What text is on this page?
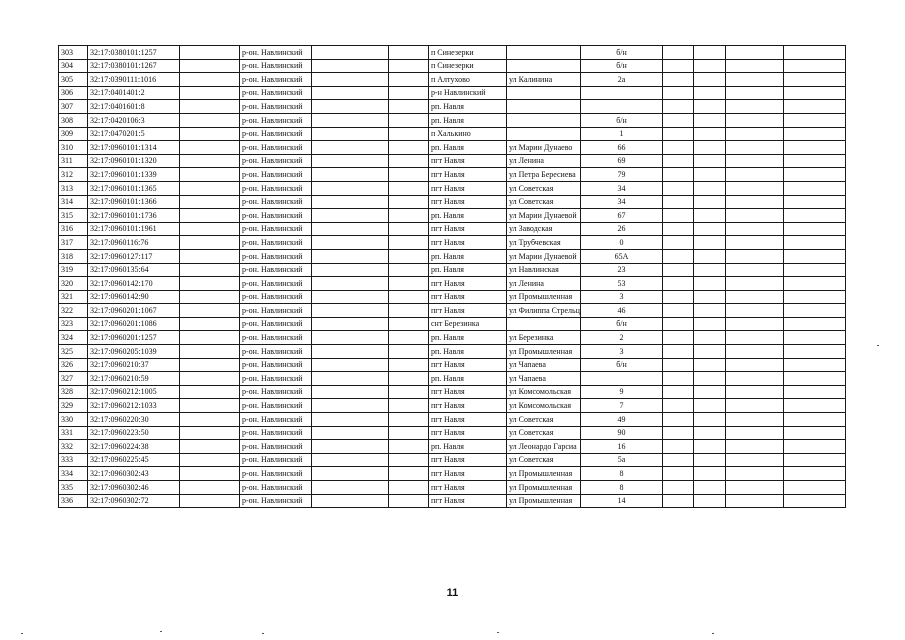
303	32:17:0380101:1257		р-он. Навлинский			п Синезерки		б/н				
304	32:17:0380101:1267		р-он. Навлинский			п Синезерки		б/н				
305	32:17:0390111:1016		р-он. Навлинский			п Алтухово	ул Калинина	2а				
306	32:17:0401401:2		р-он. Навлинский			р-н Навлинский						
307	32:17:0401601:8		р-он. Навлинский			рп. Навля						
308	32:17:0420106:3		р-он. Навлинский			рп. Навля		б/н				
309	32:17:0470201:5		р-он. Навлинский			п Халькино		1				
310	32:17:0960101:1314		р-он. Навлинский			рп. Навля	ул Марии Дунаево	66				
311	32:17:0960101:1320		р-он. Навлинский			пгт Навля	ул Ленина	69				
312	32:17:0960101:1339		р-он. Навлинский			пгт Навля	ул Петра Бересиева	79				
313	32:17:0960101:1365		р-он. Навлинский			пгт Навля	ул Советская	34				
314	32:17:0960101:1366		р-он. Навлинский			пгт Навля	ул Советская	34				
315	32:17:0960101:1736		р-он. Навлинский			рп. Навля	ул Марии Дунаевой	67				
316	32:17:0960101:1961		р-он. Навлинский			пгт Навля	ул Заводская	26				
317	32:17:0960116:76		р-он. Навлинский			пгт Навля	ул Трубчевская	0				
318	32:17:0960127:117		р-он. Навлинский			рп. Навля	ул Марии Дунаевой	65А				
319	32:17:0960135:64		р-он. Навлинский			рп. Навля	ул Навлинская	23				
320	32:17:0960142:170		р-он. Навлинский			пгт Навля	ул Ленина	53				
321	32:17:0960142:90		р-он. Навлинский			пгт Навля	ул Промышленная	3				
322	32:17:0960201:1067		р-он. Навлинский			пгт Навля	ул Филиппа Стрельц	46				
323	32:17:0960201:1086		р-он. Навлинский			снт Березинка		б/н				
324	32:17:0960201:1257		р-он. Навлинский			рп. Навля	ул Березинка	2				
325	32:17:0960205:1039		р-он. Навлинский			рп. Навля	ул Промышленная	3				
326	32:17:0960210:37		р-он. Навлинский			пгт Навля	ул Чапаева	б/н				
327	32:17:0960210:59		р-он. Навлинский			рп. Навля	ул Чапаева					
328	32:17:0960212:1005		р-он. Навлинский			пгт Навля	ул Комсомольская	9				
329	32:17:0960212:1033		р-он. Навлинский			пгт Навля	ул Комсомольская	7				
330	32:17:0960220:30		р-он. Навлинский			пгт Навля	ул Советская	49				
331	32:17:0960223:50		р-он. Навлинский			пгт Навля	ул Советская	90				
332	32:17:0960224:38		р-он. Навлинский			рп. Навля	ул Леонардо Гарсиа	16				
333	32:17:0960225:45		р-он. Навлинский			пгт Навля	ул Советская	5а				
334	32:17:0960302:43		р-он. Навлинский			пгт Навля	ул Промышленная	8				
335	32:17:0960302:46		р-он. Навлинский			пгт Навля	ул Промышленная	8				
336	32:17:0960302:72		р-он. Навлинский			пгт Навля	ул Промышленная	14				
11
